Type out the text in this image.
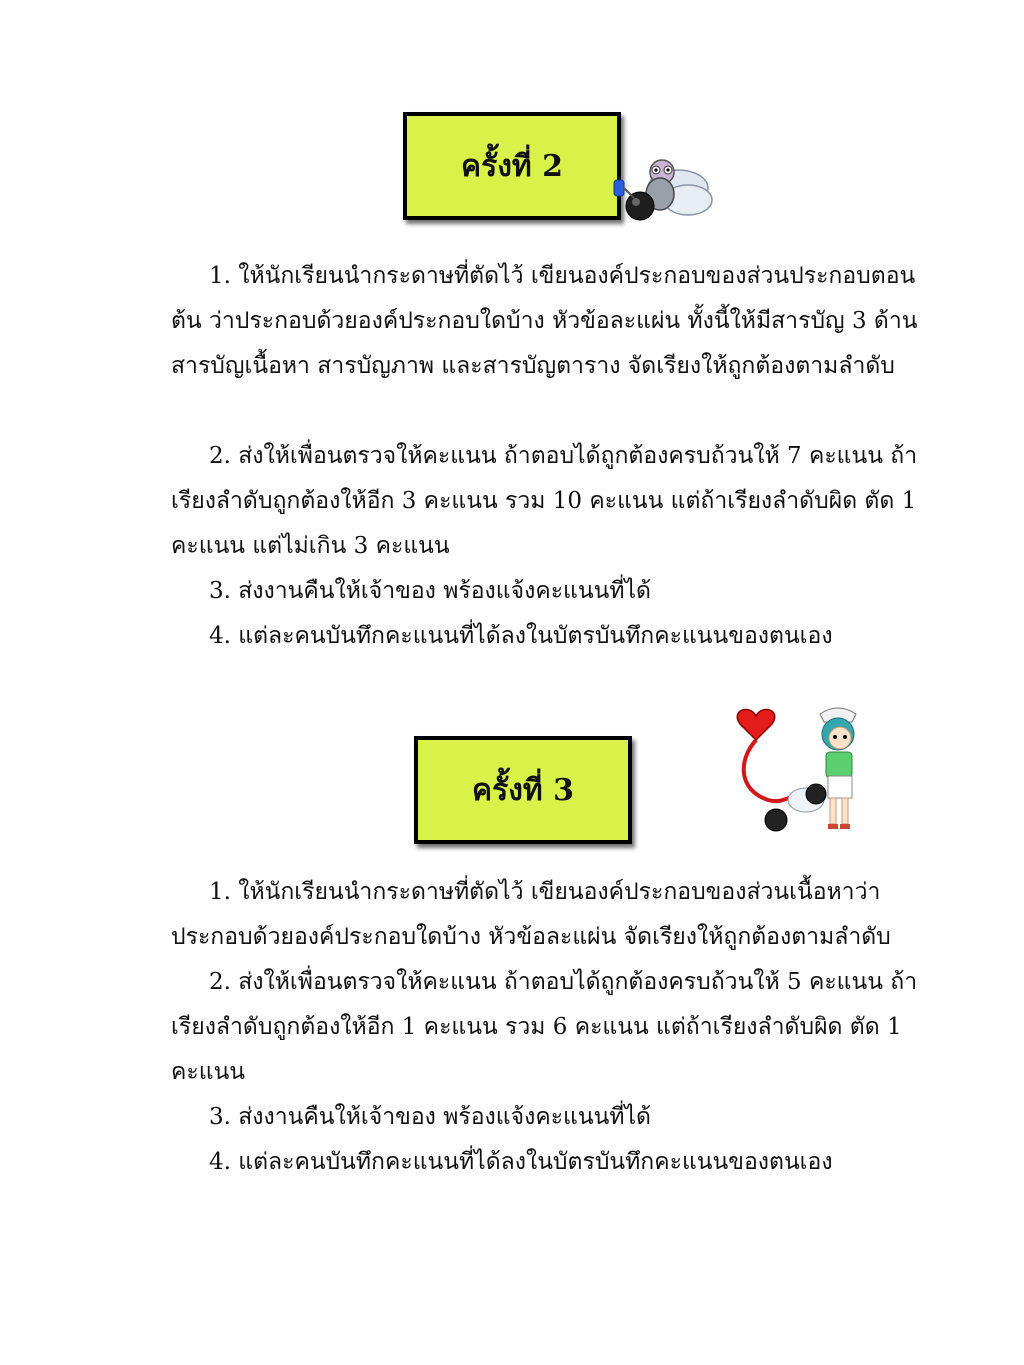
ครั้งที่ 2

1. ให้นักเรียนนำกระดาษที่ตัดไว้ เขียนองค์ประกอบของส่วนประกอบตอนต้น ว่าประกอบด้วยองค์ประกอบใดบ้าง หัวข้อละแผ่น ทั้งนี้ให้มีสารบัญ 3 ด้าน สารบัญเนื้อหา สารบัญภาพ และสารบัญตาราง จัดเรียงให้ถูกต้องตามลำดับ

2. ส่งให้เพื่อนตรวจให้คะแนน ถ้าตอบได้ถูกต้องครบถ้วนให้ 7 คะแนน ถ้าเรียงลำดับถูกต้องให้อีก 3 คะแนน รวม 10 คะแนน แต่ถ้าเรียงลำดับผิด ตัด 1 คะแนน แต่ไม่เกิน 3 คะแนน

3. ส่งงานคืนให้เจ้าของ พร้องแจ้งคะแนนที่ได้

4. แต่ละคนบันทึกคะแนนที่ได้ลงในบัตรบันทึกคะแนนของตนเอง

ครั้งที่ 3

1. ให้นักเรียนนำกระดาษที่ตัดไว้ เขียนองค์ประกอบของส่วนเนื้อหาว่าประกอบด้วยองค์ประกอบใดบ้าง หัวข้อละแผ่น จัดเรียงให้ถูกต้องตามลำดับ

2. ส่งให้เพื่อนตรวจให้คะแนน ถ้าตอบได้ถูกต้องครบถ้วนให้ 5 คะแนน ถ้าเรียงลำดับถูกต้องให้อีก 1 คะแนน รวม 6 คะแนน แต่ถ้าเรียงลำดับผิด ตัด 1 คะแนน

3. ส่งงานคืนให้เจ้าของ พร้องแจ้งคะแนนที่ได้

4. แต่ละคนบันทึกคะแนนที่ได้ลงในบัตรบันทึกคะแนนของตนเอง
